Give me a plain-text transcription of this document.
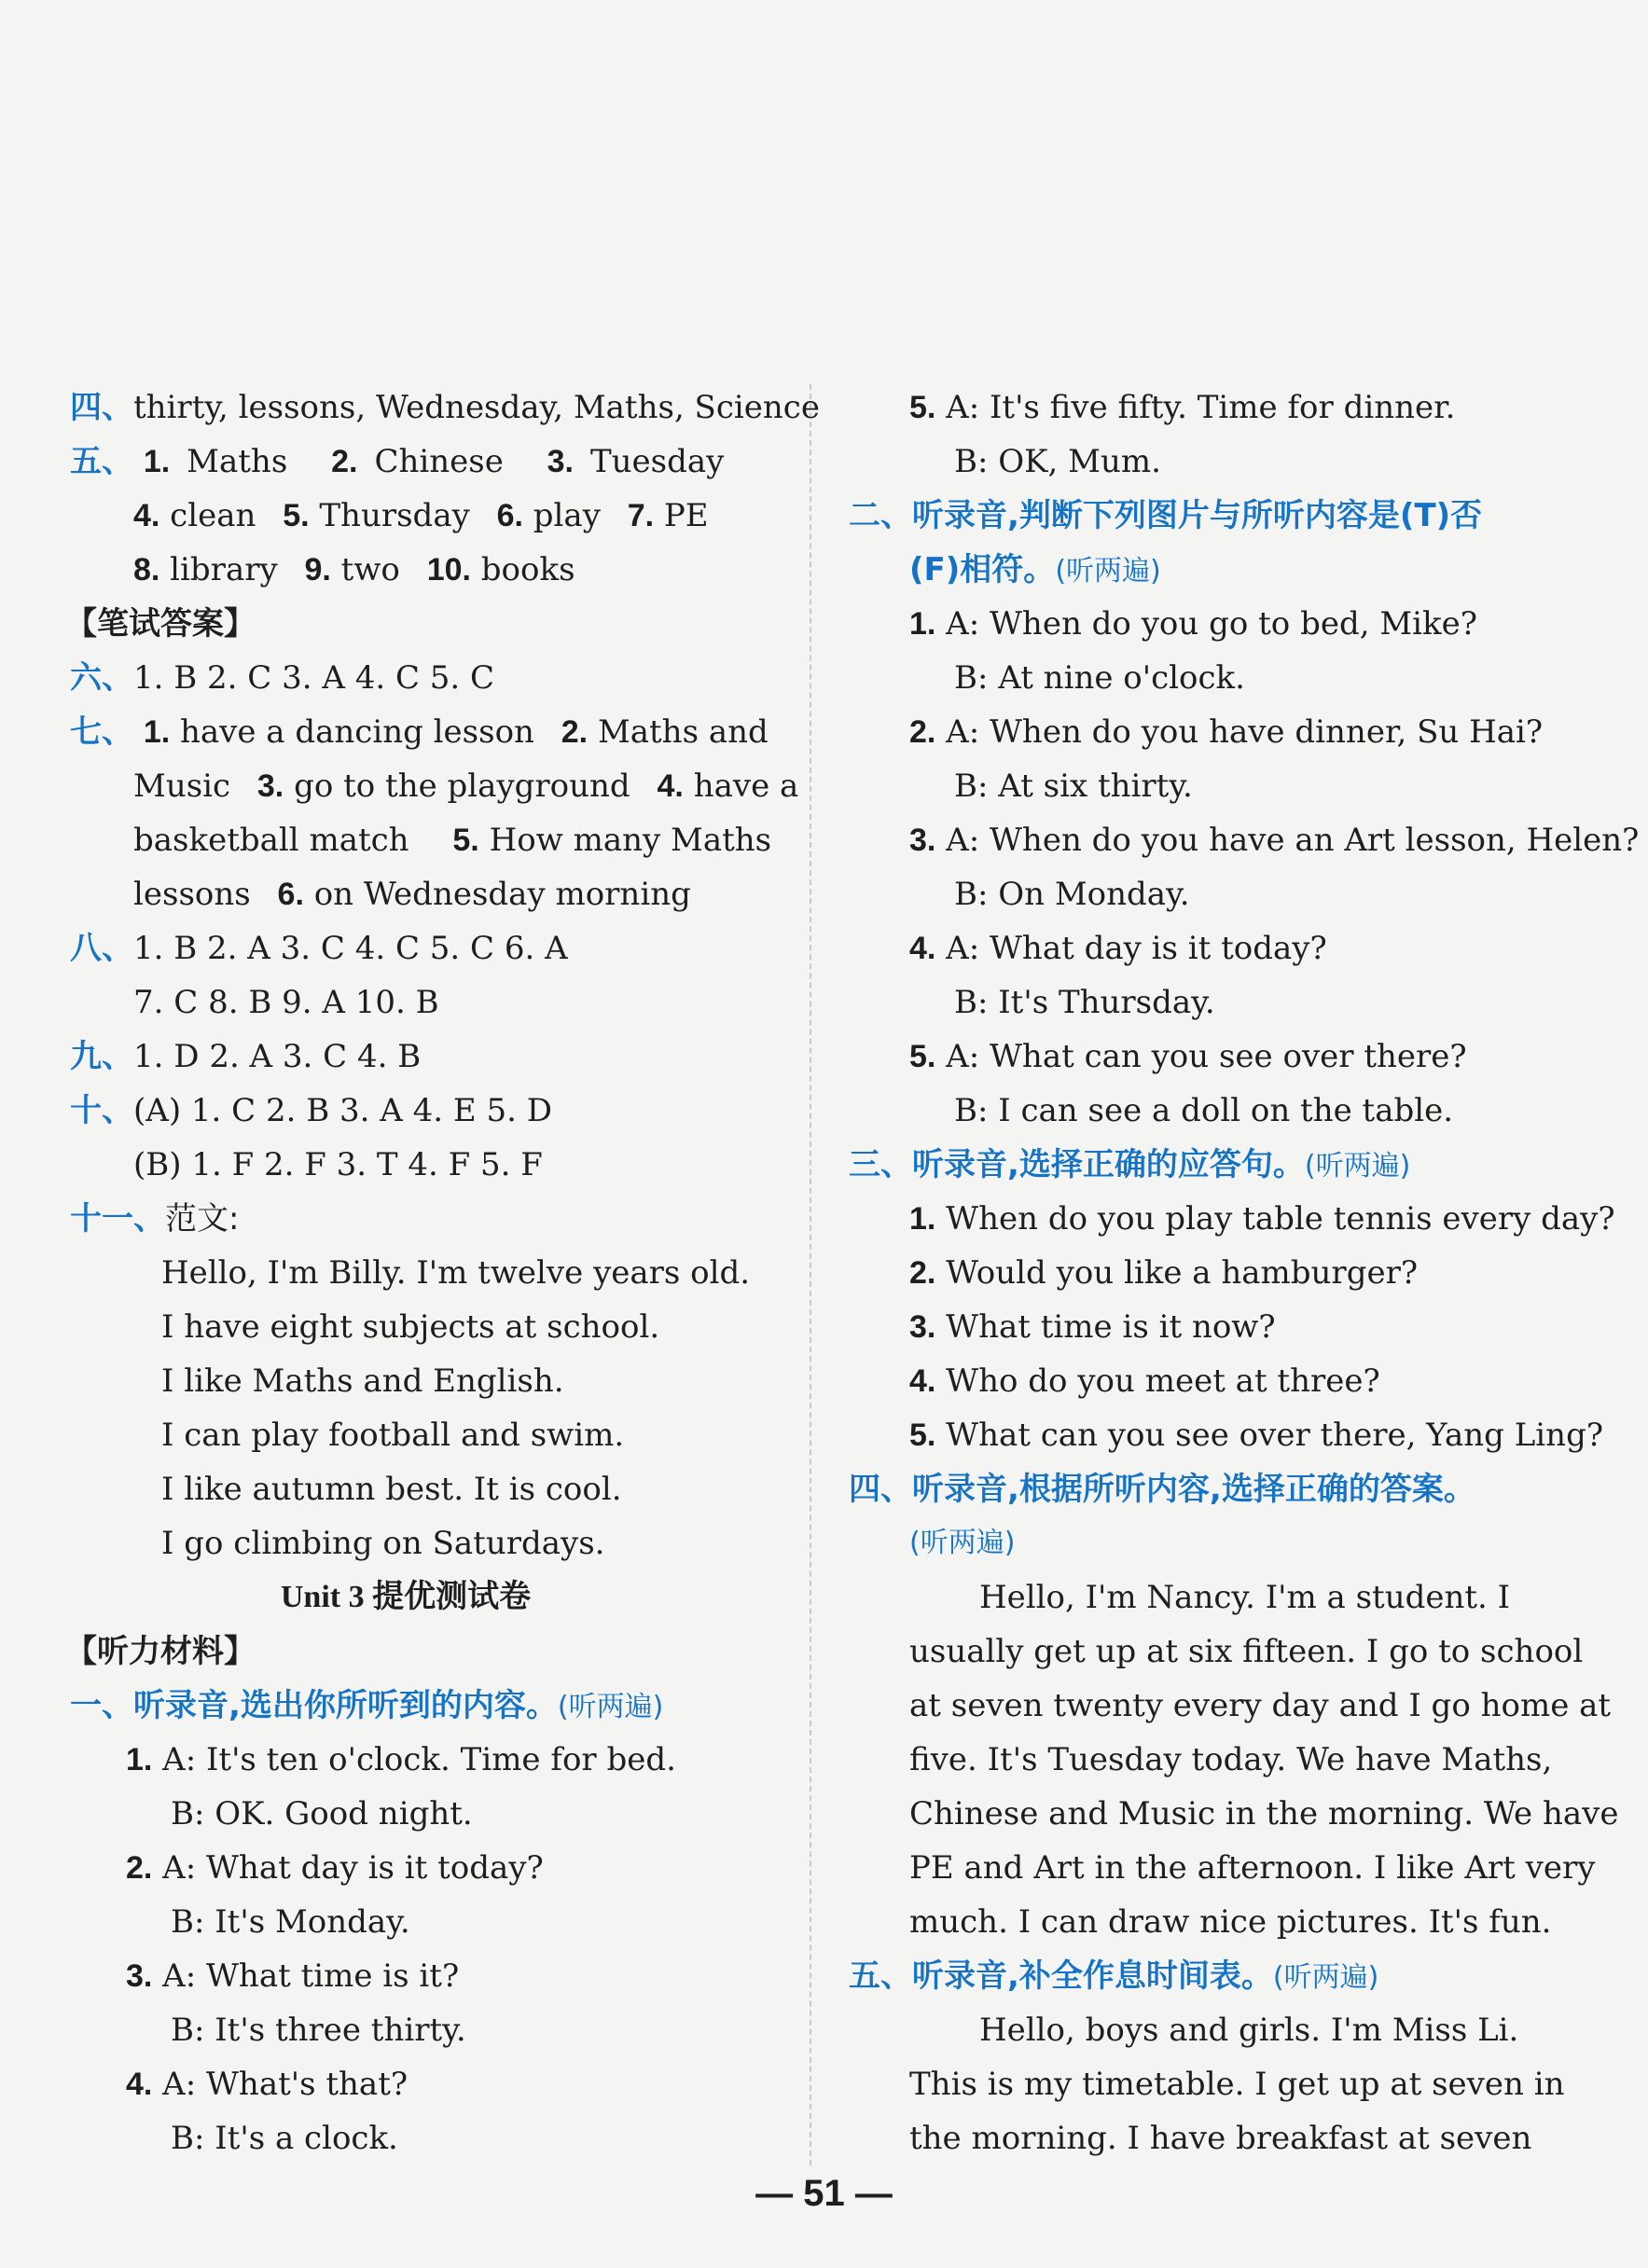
四、thirty, lessons, Wednesday, Maths, Science
五、 1. Maths 2. Chinese 3. Tuesday
4. clean 5. Thursday 6. play 7. PE
8. library 9. two 10. books
【笔试答案】
六、1. B 2. C 3. A 4. C 5. C
七、 1. have a dancing lesson 2. Maths and
Music 3. go to the playground 4. have a
basketball match 5. How many Maths
lessons 6. on Wednesday morning
八、1. B 2. A 3. C 4. C 5. C 6. A
7. C 8. B 9. A 10. B
九、1. D 2. A 3. C 4. B
十、(A) 1. C 2. B 3. A 4. E 5. D
(B) 1. F 2. F 3. T 4. F 5. F
十一、范文:
Hello, I'm Billy. I'm twelve years old.
I have eight subjects at school.
I like Maths and English.
I can play football and swim.
I like autumn best. It is cool.
I go climbing on Saturdays.
Unit 3 提优测试卷
【听力材料】
一、听录音,选出你所听到的内容。(听两遍)
1. A: It's ten o'clock. Time for bed.
B: OK. Good night.
2. A: What day is it today?
B: It's Monday.
3. A: What time is it?
B: It's three thirty.
4. A: What's that?
B: It's a clock.
5. A: It's five fifty. Time for dinner.
B: OK, Mum.
二、听录音,判断下列图片与所听内容是(T)否
(F)相符。(听两遍)
1. A: When do you go to bed, Mike?
B: At nine o'clock.
2. A: When do you have dinner, Su Hai?
B: At six thirty.
3. A: When do you have an Art lesson, Helen?
B: On Monday.
4. A: What day is it today?
B: It's Thursday.
5. A: What can you see over there?
B: I can see a doll on the table.
三、听录音,选择正确的应答句。(听两遍)
1. When do you play table tennis every day?
2. Would you like a hamburger?
3. What time is it now?
4. Who do you meet at three?
5. What can you see over there, Yang Ling?
四、听录音,根据所听内容,选择正确的答案。
(听两遍)
Hello, I'm Nancy. I'm a student. I
usually get up at six fifteen. I go to school
at seven twenty every day and I go home at
five. It's Tuesday today. We have Maths,
Chinese and Music in the morning. We have
PE and Art in the afternoon. I like Art very
much. I can draw nice pictures. It's fun.
五、听录音,补全作息时间表。(听两遍)
Hello, boys and girls. I'm Miss Li.
This is my timetable. I get up at seven in
the morning. I have breakfast at seven
— 51 —
